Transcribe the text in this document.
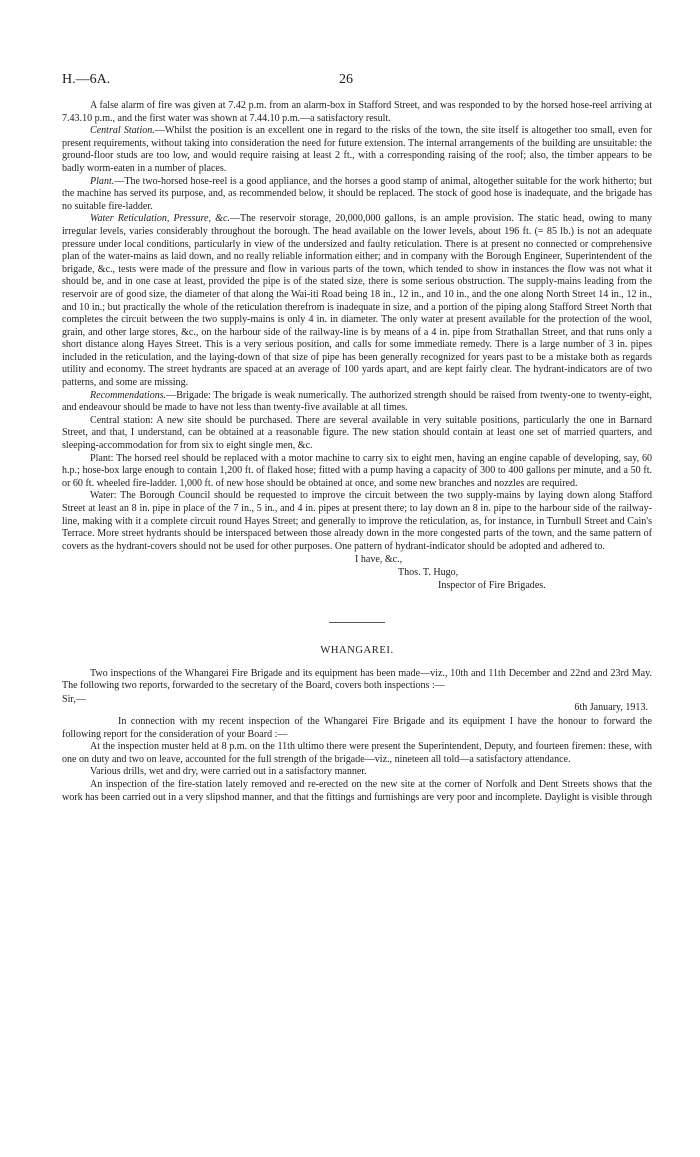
H.—6A.	26

A false alarm of fire was given at 7.42 p.m. from an alarm-box in Stafford Street, and was responded to by the horsed hose-reel arriving at 7.43.10 p.m., and the first water was shown at 7.44.10 p.m.—a satisfactory result.

Central Station.—Whilst the position is an excellent one in regard to the risks of the town, the site itself is altogether too small, even for present requirements, without taking into consideration the need for future extension. The internal arrangements of the building are unsuitable: the ground-floor studs are too low, and would require raising at least 2 ft., with a corresponding raising of the roof; also, the timber appears to be badly worm-eaten in a number of places.

Plant.—The two-horsed hose-reel is a good appliance, and the horses a good stamp of animal, altogether suitable for the work hitherto; but the machine has served its purpose, and, as recommended below, it should be replaced. The stock of good hose is inadequate, and the brigade has no suitable fire-ladder.

Water Reticulation, Pressure, &c.—The reservoir storage, 20,000,000 gallons, is an ample provision. The static head, owing to many irregular levels, varies considerably throughout the borough. The head available on the lower levels, about 196 ft. (= 85 lb.) is not an adequate pressure under local conditions, particularly in view of the undersized and faulty reticulation. There is at present no connected or comprehensive plan of the water-mains as laid down, and no really reliable information either; and in company with the Borough Engineer, Superintendent of the brigade, &c., tests were made of the pressure and flow in various parts of the town, which tended to show in instances the flow was not what it should be, and in one case at least, provided the pipe is of the stated size, there is some serious obstruction. The supply-mains leading from the reservoir are of good size, the diameter of that along the Wai-iti Road being 18 in., 12 in., and 10 in., and the one along North Street 14 in., 12 in., and 10 in.; but practically the whole of the reticulation therefrom is inadequate in size, and a portion of the piping along Stafford Street North that completes the circuit between the two supply-mains is only 4 in. in diameter. The only water at present available for the protection of the wool, grain, and other large stores, &c., on the harbour side of the railway-line is by means of a 4 in. pipe from Strathallan Street, and that runs only a short distance along Hayes Street. This is a very serious position, and calls for some immediate remedy. There is a large number of 3 in. pipes included in the reticulation, and the laying-down of that size of pipe has been generally recognized for years past to be a mistake both as regards utility and economy. The street hydrants are spaced at an average of 100 yards apart, and are kept fairly clear. The hydrant-indicators are of two patterns, and some are missing.

Recommendations.—Brigade: The brigade is weak numerically. The authorized strength should be raised from twenty-one to twenty-eight, and endeavour should be made to have not less than twenty-five available at all times.

Central station: A new site should be purchased. There are several available in very suitable positions, particularly the one in Barnard Street, and that, I understand, can be obtained at a reasonable figure. The new station should contain at least one set of married quarters, and sleeping-accommodation for from six to eight single men, &c.

Plant: The horsed reel should be replaced with a motor machine to carry six to eight men, having an engine capable of developing, say, 60 h.p.; hose-box large enough to contain 1,200 ft. of flaked hose; fitted with a pump having a capacity of 300 to 400 gallons per minute, and a 50 ft. or 60 ft. wheeled fire-ladder. 1,000 ft. of new hose should be obtained at once, and some new branches and nozzles are required.

Water: The Borough Council should be requested to improve the circuit between the two supply-mains by laying down along Stafford Street at least an 8 in. pipe in place of the 7 in., 5 in., and 4 in. pipes at present there; to lay down an 8 in. pipe to the harbour side of the railway-line, making with it a complete circuit round Hayes Street; and generally to improve the reticulation, as, for instance, in Turnbull Street and Cain's Terrace. More street hydrants should be interspaced between those already down in the more congested parts of the town, and the same pattern of covers as the hydrant-covers should not be used for other purposes. One pattern of hydrant-indicator should be adopted and adhered to.

I have, &c.,
Thos. T. Hugo,
Inspector of Fire Brigades.
WHANGAREI.

Two inspections of the Whangarei Fire Brigade and its equipment has been made—viz., 10th and 11th December and 22nd and 23rd May. The following two reports, forwarded to the secretary of the Board, covers both inspections :—

Sir,—
6th January, 1913.

In connection with my recent inspection of the Whangarei Fire Brigade and its equipment I have the honour to forward the following report for the consideration of your Board :—

At the inspection muster held at 8 p.m. on the 11th ultimo there were present the Superintendent, Deputy, and fourteen firemen: these, with one on duty and two on leave, accounted for the full strength of the brigade—viz., nineteen all told—a satisfactory attendance.

Various drills, wet and dry, were carried out in a satisfactory manner.

An inspection of the fire-station lately removed and re-erected on the new site at the corner of Norfolk and Dent Streets shows that the work has been carried out in a very slipshod manner, and that the fittings and furnishings are very poor and incomplete. Daylight is visible through
